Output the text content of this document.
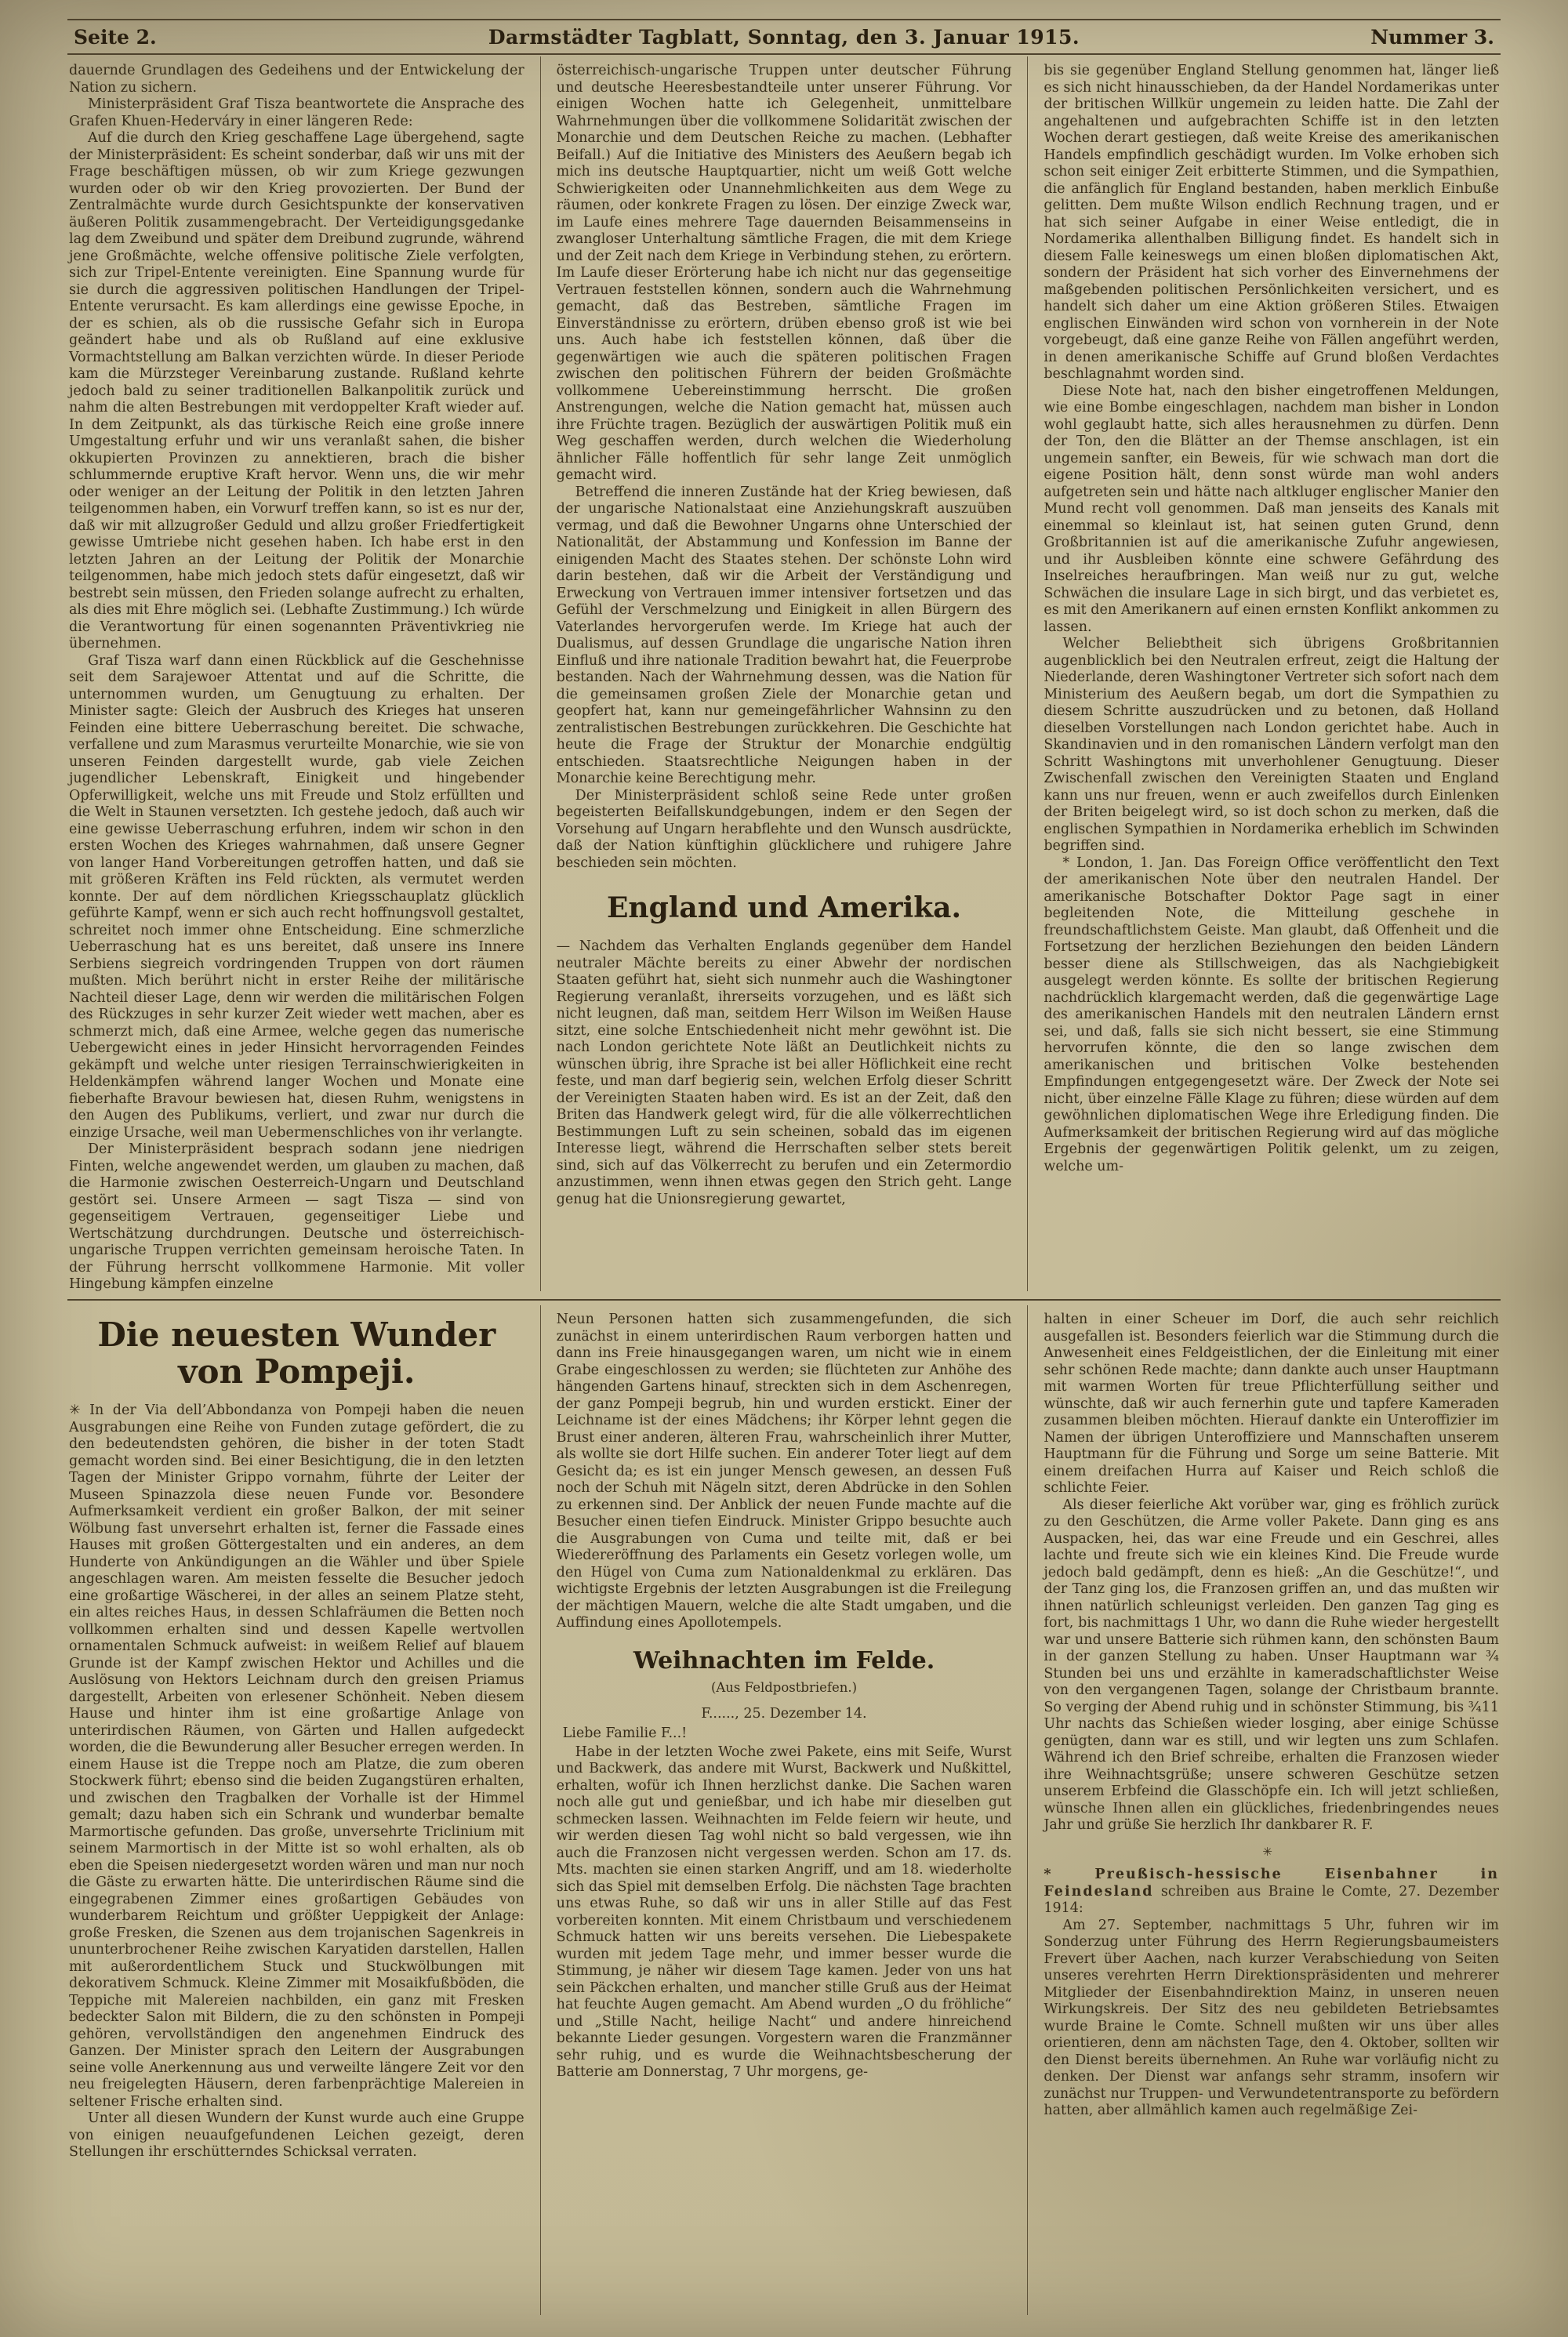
Seite 2.	Darmstädter Tagblatt, Sonntag, den 3. Januar 1915.	Nummer 3.

dauernde Grundlagen des Gedeihens und der Entwickelung der Nation zu sichern.

Ministerpräsident Graf Tisza beantwortete die Ansprache des Grafen Khuen-Hederváry in einer längeren Rede:

Auf die durch den Krieg geschaffene Lage übergehend, sagte der Ministerpräsident: Es scheint sonderbar, daß wir uns mit der Frage beschäftigen müssen, ob wir zum Kriege gezwungen wurden oder ob wir den Krieg provozierten. Der Bund der Zentralmächte wurde durch Gesichtspunkte der konservativen äußeren Politik zusammengebracht. Der Verteidigungsgedanke lag dem Zweibund und später dem Dreibund zugrunde, während jene Großmächte, welche offensive politische Ziele verfolgten, sich zur Tripel-Entente vereinigten. Eine Spannung wurde für sie durch die aggressiven politischen Handlungen der Tripel-Entente verursacht. Es kam allerdings eine gewisse Epoche, in der es schien, als ob die russische Gefahr sich in Europa geändert habe und als ob Rußland auf eine exklusive Vormachtstellung am Balkan verzichten würde. In dieser Periode kam die Mürzsteger Vereinbarung zustande. Rußland kehrte jedoch bald zu seiner traditionellen Balkanpolitik zurück und nahm die alten Bestrebungen mit verdoppelter Kraft wieder auf. In dem Zeitpunkt, als das türkische Reich eine große innere Umgestaltung erfuhr und wir uns veranlaßt sahen, die bisher okkupierten Provinzen zu annektieren, brach die bisher schlummernde eruptive Kraft hervor. Wenn uns, die wir mehr oder weniger an der Leitung der Politik in den letzten Jahren teilgenommen haben, ein Vorwurf treffen kann, so ist es nur der, daß wir mit allzugroßer Geduld und allzu großer Friedfertigkeit gewisse Umtriebe nicht gesehen haben. Ich habe erst in den letzten Jahren an der Leitung der Politik der Monarchie teilgenommen, habe mich jedoch stets dafür eingesetzt, daß wir bestrebt sein müssen, den Frieden solange aufrecht zu erhalten, als dies mit Ehre möglich sei. (Lebhafte Zustimmung.) Ich würde die Verantwortung für einen sogenannten Präventivkrieg nie übernehmen.

Graf Tisza warf dann einen Rückblick auf die Geschehnisse seit dem Sarajewoer Attentat und auf die Schritte, die unternommen wurden, um Genugtuung zu erhalten. Der Minister sagte: Gleich der Ausbruch des Krieges hat unseren Feinden eine bittere Ueberraschung bereitet. Die schwache, verfallene und zum Marasmus verurteilte Monarchie, wie sie von unseren Feinden dargestellt wurde, gab viele Zeichen jugendlicher Lebenskraft, Einigkeit und hingebender Opferwilligkeit, welche uns mit Freude und Stolz erfüllten und die Welt in Staunen versetzten. Ich gestehe jedoch, daß auch wir eine gewisse Ueberraschung erfuhren, indem wir schon in den ersten Wochen des Krieges wahrnahmen, daß unsere Gegner von langer Hand Vorbereitungen getroffen hatten, und daß sie mit größeren Kräften ins Feld rückten, als vermutet werden konnte. Der auf dem nördlichen Kriegsschauplatz glücklich geführte Kampf, wenn er sich auch recht hoffnungsvoll gestaltet, schreitet noch immer ohne Entscheidung. Eine schmerzliche Ueberraschung hat es uns bereitet, daß unsere ins Innere Serbiens siegreich vordringenden Truppen von dort räumen mußten. Mich berührt nicht in erster Reihe der militärische Nachteil dieser Lage, denn wir werden die militärischen Folgen des Rückzuges in sehr kurzer Zeit wieder wett machen, aber es schmerzt mich, daß eine Armee, welche gegen das numerische Uebergewicht eines in jeder Hinsicht hervorragenden Feindes gekämpft und welche unter riesigen Terrainschwierigkeiten in Heldenkämpfen während langer Wochen und Monate eine fieberhafte Bravour bewiesen hat, diesen Ruhm, wenigstens in den Augen des Publikums, verliert, und zwar nur durch die einzige Ursache, weil man Uebermenschliches von ihr verlangte.

Der Ministerpräsident besprach sodann jene niedrigen Finten, welche angewendet werden, um glauben zu machen, daß die Harmonie zwischen Oesterreich-Ungarn und Deutschland gestört sei. Unsere Armeen — sagt Tisza — sind von gegenseitigem Vertrauen, gegenseitiger Liebe und Wertschätzung durchdrungen. Deutsche und österreichisch-ungarische Truppen verrichten gemeinsam heroische Taten. In der Führung herrscht vollkommene Harmonie. Mit voller Hingebung kämpfen einzelne

österreichisch-ungarische Truppen unter deutscher Führung und deutsche Heeresbestandteile unter unserer Führung. Vor einigen Wochen hatte ich Gelegenheit, unmittelbare Wahrnehmungen über die vollkommene Solidarität zwischen der Monarchie und dem Deutschen Reiche zu machen. (Lebhafter Beifall.) Auf die Initiative des Ministers des Aeußern begab ich mich ins deutsche Hauptquartier, nicht um weiß Gott welche Schwierigkeiten oder Unannehmlichkeiten aus dem Wege zu räumen, oder konkrete Fragen zu lösen. Der einzige Zweck war, im Laufe eines mehrere Tage dauernden Beisammenseins in zwangloser Unterhaltung sämtliche Fragen, die mit dem Kriege und der Zeit nach dem Kriege in Verbindung stehen, zu erörtern. Im Laufe dieser Erörterung habe ich nicht nur das gegenseitige Vertrauen feststellen können, sondern auch die Wahrnehmung gemacht, daß das Bestreben, sämtliche Fragen im Einverständnisse zu erörtern, drüben ebenso groß ist wie bei uns. Auch habe ich feststellen können, daß über die gegenwärtigen wie auch die späteren politischen Fragen zwischen den politischen Führern der beiden Großmächte vollkommene Uebereinstimmung herrscht. Die großen Anstrengungen, welche die Nation gemacht hat, müssen auch ihre Früchte tragen. Bezüglich der auswärtigen Politik muß ein Weg geschaffen werden, durch welchen die Wiederholung ähnlicher Fälle hoffentlich für sehr lange Zeit unmöglich gemacht wird.

Betreffend die inneren Zustände hat der Krieg bewiesen, daß der ungarische Nationalstaat eine Anziehungskraft auszuüben vermag, und daß die Bewohner Ungarns ohne Unterschied der Nationalität, der Abstammung und Konfession im Banne der einigenden Macht des Staates stehen. Der schönste Lohn wird darin bestehen, daß wir die Arbeit der Verständigung und Erweckung von Vertrauen immer intensiver fortsetzen und das Gefühl der Verschmelzung und Einigkeit in allen Bürgern des Vaterlandes hervorgerufen werde. Im Kriege hat auch der Dualismus, auf dessen Grundlage die ungarische Nation ihren Einfluß und ihre nationale Tradition bewahrt hat, die Feuerprobe bestanden. Nach der Wahrnehmung dessen, was die Nation für die gemeinsamen großen Ziele der Monarchie getan und geopfert hat, kann nur gemeingefährlicher Wahnsinn zu den zentralistischen Bestrebungen zurückkehren. Die Geschichte hat heute die Frage der Struktur der Monarchie endgültig entschieden. Staatsrechtliche Neigungen haben in der Monarchie keine Berechtigung mehr.

Der Ministerpräsident schloß seine Rede unter großen begeisterten Beifallskundgebungen, indem er den Segen der Vorsehung auf Ungarn herabflehte und den Wunsch ausdrückte, daß der Nation künftighin glücklichere und ruhigere Jahre beschieden sein möchten.

England und Amerika.

— Nachdem das Verhalten Englands gegenüber dem Handel neutraler Mächte bereits zu einer Abwehr der nordischen Staaten geführt hat, sieht sich nunmehr auch die Washingtoner Regierung veranlaßt, ihrerseits vorzugehen, und es läßt sich nicht leugnen, daß man, seitdem Herr Wilson im Weißen Hause sitzt, eine solche Entschiedenheit nicht mehr gewöhnt ist. Die nach London gerichtete Note läßt an Deutlichkeit nichts zu wünschen übrig, ihre Sprache ist bei aller Höflichkeit eine recht feste, und man darf begierig sein, welchen Erfolg dieser Schritt der Vereinigten Staaten haben wird. Es ist an der Zeit, daß den Briten das Handwerk gelegt wird, für die alle völkerrechtlichen Bestimmungen Luft zu sein scheinen, sobald das im eigenen Interesse liegt, während die Herrschaften selber stets bereit sind, sich auf das Völkerrecht zu berufen und ein Zetermordio anzustimmen, wenn ihnen etwas gegen den Strich geht. Lange genug hat die Unionsregierung gewartet,

bis sie gegenüber England Stellung genommen hat, länger ließ es sich nicht hinausschieben, da der Handel Nordamerikas unter der britischen Willkür ungemein zu leiden hatte. Die Zahl der angehaltenen und aufgebrachten Schiffe ist in den letzten Wochen derart gestiegen, daß weite Kreise des amerikanischen Handels empfindlich geschädigt wurden. Im Volke erhoben sich schon seit einiger Zeit erbitterte Stimmen, und die Sympathien, die anfänglich für England bestanden, haben merklich Einbuße gelitten. Dem mußte Wilson endlich Rechnung tragen, und er hat sich seiner Aufgabe in einer Weise entledigt, die in Nordamerika allenthalben Billigung findet. Es handelt sich in diesem Falle keineswegs um einen bloßen diplomatischen Akt, sondern der Präsident hat sich vorher des Einvernehmens der maßgebenden politischen Persönlichkeiten versichert, und es handelt sich daher um eine Aktion größeren Stiles. Etwaigen englischen Einwänden wird schon von vornherein in der Note vorgebeugt, daß eine ganze Reihe von Fällen angeführt werden, in denen amerikanische Schiffe auf Grund bloßen Verdachtes beschlagnahmt worden sind.

Diese Note hat, nach den bisher eingetroffenen Meldungen, wie eine Bombe eingeschlagen, nachdem man bisher in London wohl geglaubt hatte, sich alles herausnehmen zu dürfen. Denn der Ton, den die Blätter an der Themse anschlagen, ist ein ungemein sanfter, ein Beweis, für wie schwach man dort die eigene Position hält, denn sonst würde man wohl anders aufgetreten sein und hätte nach altkluger englischer Manier den Mund recht voll genommen. Daß man jenseits des Kanals mit einemmal so kleinlaut ist, hat seinen guten Grund, denn Großbritannien ist auf die amerikanische Zufuhr angewiesen, und ihr Ausbleiben könnte eine schwere Gefährdung des Inselreiches heraufbringen. Man weiß nur zu gut, welche Schwächen die insulare Lage in sich birgt, und das verbietet es, es mit den Amerikanern auf einen ernsten Konflikt ankommen zu lassen.

Welcher Beliebtheit sich übrigens Großbritannien augenblicklich bei den Neutralen erfreut, zeigt die Haltung der Niederlande, deren Washingtoner Vertreter sich sofort nach dem Ministerium des Aeußern begab, um dort die Sympathien zu diesem Schritte auszudrücken und zu betonen, daß Holland dieselben Vorstellungen nach London gerichtet habe. Auch in Skandinavien und in den romanischen Ländern verfolgt man den Schritt Washingtons mit unverhohlener Genugtuung. Dieser Zwischenfall zwischen den Vereinigten Staaten und England kann uns nur freuen, wenn er auch zweifellos durch Einlenken der Briten beigelegt wird, so ist doch schon zu merken, daß die englischen Sympathien in Nordamerika erheblich im Schwinden begriffen sind.

* London, 1. Jan. Das Foreign Office veröffentlicht den Text der amerikanischen Note über den neutralen Handel. Der amerikanische Botschafter Doktor Page sagt in einer begleitenden Note, die Mitteilung geschehe in freundschaftlichstem Geiste. Man glaubt, daß Offenheit und die Fortsetzung der herzlichen Beziehungen den beiden Ländern besser diene als Stillschweigen, das als Nachgiebigkeit ausgelegt werden könnte. Es sollte der britischen Regierung nachdrücklich klargemacht werden, daß die gegenwärtige Lage des amerikanischen Handels mit den neutralen Ländern ernst sei, und daß, falls sie sich nicht bessert, sie eine Stimmung hervorrufen könnte, die den so lange zwischen dem amerikanischen und britischen Volke bestehenden Empfindungen entgegengesetzt wäre. Der Zweck der Note sei nicht, über einzelne Fälle Klage zu führen; diese würden auf dem gewöhnlichen diplomatischen Wege ihre Erledigung finden. Die Aufmerksamkeit der britischen Regierung wird auf das mögliche Ergebnis der gegenwärtigen Politik gelenkt, um zu zeigen, welche um-

Die neuesten Wunder von Pompeji.

✳ In der Via dell’Abbondanza von Pompeji haben die neuen Ausgrabungen eine Reihe von Funden zutage gefördert, die zu den bedeutendsten gehören, die bisher in der toten Stadt gemacht worden sind. Bei einer Besichtigung, die in den letzten Tagen der Minister Grippo vornahm, führte der Leiter der Museen Spinazzola diese neuen Funde vor. Besondere Aufmerksamkeit verdient ein großer Balkon, der mit seiner Wölbung fast unversehrt erhalten ist, ferner die Fassade eines Hauses mit großen Göttergestalten und ein anderes, an dem Hunderte von Ankündigungen an die Wähler und über Spiele angeschlagen waren. Am meisten fesselte die Besucher jedoch eine großartige Wäscherei, in der alles an seinem Platze steht, ein altes reiches Haus, in dessen Schlafräumen die Betten noch vollkommen erhalten sind und dessen Kapelle wertvollen ornamentalen Schmuck aufweist: in weißem Relief auf blauem Grunde ist der Kampf zwischen Hektor und Achilles und die Auslösung von Hektors Leichnam durch den greisen Priamus dargestellt, Arbeiten von erlesener Schönheit. Neben diesem Hause und hinter ihm ist eine großartige Anlage von unterirdischen Räumen, von Gärten und Hallen aufgedeckt worden, die die Bewunderung aller Besucher erregen werden. In einem Hause ist die Treppe noch am Platze, die zum oberen Stockwerk führt; ebenso sind die beiden Zugangstüren erhalten, und zwischen den Tragbalken der Vorhalle ist der Himmel gemalt; dazu haben sich ein Schrank und wunderbar bemalte Marmortische gefunden. Das große, unversehrte Triclinium mit seinem Marmortisch in der Mitte ist so wohl erhalten, als ob eben die Speisen niedergesetzt worden wären und man nur noch die Gäste zu erwarten hätte. Die unterirdischen Räume sind die eingegrabenen Zimmer eines großartigen Gebäudes von wunderbarem Reichtum und größter Ueppigkeit der Anlage: große Fresken, die Szenen aus dem trojanischen Sagenkreis in ununterbrochener Reihe zwischen Karyatiden darstellen, Hallen mit außerordentlichem Stuck und Stuckwölbungen mit dekorativem Schmuck. Kleine Zimmer mit Mosaikfußböden, die Teppiche mit Malereien nachbilden, ein ganz mit Fresken bedeckter Salon mit Bildern, die zu den schönsten in Pompeji gehören, vervollständigen den angenehmen Eindruck des Ganzen. Der Minister sprach den Leitern der Ausgrabungen seine volle Anerkennung aus und verweilte längere Zeit vor den neu freigelegten Häusern, deren farbenprächtige Malereien in seltener Frische erhalten sind.

Unter all diesen Wundern der Kunst wurde auch eine Gruppe von einigen neuaufgefundenen Leichen gezeigt, deren Stellungen ihr erschütterndes Schicksal verraten.

Neun Personen hatten sich zusammengefunden, die sich zunächst in einem unterirdischen Raum verborgen hatten und dann ins Freie hinausgegangen waren, um nicht wie in einem Grabe eingeschlossen zu werden; sie flüchteten zur Anhöhe des hängenden Gartens hinauf, streckten sich in dem Aschenregen, der ganz Pompeji begrub, hin und wurden erstickt. Einer der Leichname ist der eines Mädchens; ihr Körper lehnt gegen die Brust einer anderen, älteren Frau, wahrscheinlich ihrer Mutter, als wollte sie dort Hilfe suchen. Ein anderer Toter liegt auf dem Gesicht da; es ist ein junger Mensch gewesen, an dessen Fuß noch der Schuh mit Nägeln sitzt, deren Abdrücke in den Sohlen zu erkennen sind. Der Anblick der neuen Funde machte auf die Besucher einen tiefen Eindruck. Minister Grippo besuchte auch die Ausgrabungen von Cuma und teilte mit, daß er bei Wiedereröffnung des Parlaments ein Gesetz vorlegen wolle, um den Hügel von Cuma zum Nationaldenkmal zu erklären. Das wichtigste Ergebnis der letzten Ausgrabungen ist die Freilegung der mächtigen Mauern, welche die alte Stadt umgaben, und die Auffindung eines Apollotempels.

Weihnachten im Felde.

(Aus Feldpostbriefen.)

F......, 25. Dezember 14.

Liebe Familie F...!

Habe in der letzten Woche zwei Pakete, eins mit Seife, Wurst und Backwerk, das andere mit Wurst, Backwerk und Nußkittel, erhalten, wofür ich Ihnen herzlichst danke. Die Sachen waren noch alle gut und genießbar, und ich habe mir dieselben gut schmecken lassen. Weihnachten im Felde feiern wir heute, und wir werden diesen Tag wohl nicht so bald vergessen, wie ihn auch die Franzosen nicht vergessen werden. Schon am 17. ds. Mts. machten sie einen starken Angriff, und am 18. wiederholte sich das Spiel mit demselben Erfolg. Die nächsten Tage brachten uns etwas Ruhe, so daß wir uns in aller Stille auf das Fest vorbereiten konnten. Mit einem Christbaum und verschiedenem Schmuck hatten wir uns bereits versehen. Die Liebespakete wurden mit jedem Tage mehr, und immer besser wurde die Stimmung, je näher wir diesem Tage kamen. Jeder von uns hat sein Päckchen erhalten, und mancher stille Gruß aus der Heimat hat feuchte Augen gemacht. Am Abend wurden „O du fröhliche“ und „Stille Nacht, heilige Nacht“ und andere hinreichend bekannte Lieder gesungen. Vorgestern waren die Franzmänner sehr ruhig, und es wurde die Weihnachtsbescherung der Batterie am Donnerstag, 7 Uhr morgens, ge-

halten in einer Scheuer im Dorf, die auch sehr reichlich ausgefallen ist. Besonders feierlich war die Stimmung durch die Anwesenheit eines Feldgeistlichen, der die Einleitung mit einer sehr schönen Rede machte; dann dankte auch unser Hauptmann mit warmen Worten für treue Pflichterfüllung seither und wünschte, daß wir auch fernerhin gute und tapfere Kameraden zusammen bleiben möchten. Hierauf dankte ein Unteroffizier im Namen der übrigen Unteroffiziere und Mannschaften unserem Hauptmann für die Führung und Sorge um seine Batterie. Mit einem dreifachen Hurra auf Kaiser und Reich schloß die schlichte Feier.

Als dieser feierliche Akt vorüber war, ging es fröhlich zurück zu den Geschützen, die Arme voller Pakete. Dann ging es ans Auspacken, hei, das war eine Freude und ein Geschrei, alles lachte und freute sich wie ein kleines Kind. Die Freude wurde jedoch bald gedämpft, denn es hieß: „An die Geschütze!“, und der Tanz ging los, die Franzosen griffen an, und das mußten wir ihnen natürlich schleunigst verleiden. Den ganzen Tag ging es fort, bis nachmittags 1 Uhr, wo dann die Ruhe wieder hergestellt war und unsere Batterie sich rühmen kann, den schönsten Baum in der ganzen Stellung zu haben. Unser Hauptmann war ¾ Stunden bei uns und erzählte in kameradschaftlichster Weise von den vergangenen Tagen, solange der Christbaum brannte. So verging der Abend ruhig und in schönster Stimmung, bis ¾11 Uhr nachts das Schießen wieder losging, aber einige Schüsse genügten, dann war es still, und wir legten uns zum Schlafen. Während ich den Brief schreibe, erhalten die Franzosen wieder ihre Weihnachtsgrüße; unsere schweren Geschütze setzen unserem Erbfeind die Glasschöpfe ein. Ich will jetzt schließen, wünsche Ihnen allen ein glückliches, friedenbringendes neues Jahr und grüße Sie herzlich Ihr dankbarer R. F.

✳

* Preußisch-hessische Eisenbahner in Feindesland schreiben aus Braine le Comte, 27. Dezember 1914:

Am 27. September, nachmittags 5 Uhr, fuhren wir im Sonderzug unter Führung des Herrn Regierungsbaumeisters Frevert über Aachen, nach kurzer Verabschiedung von Seiten unseres verehrten Herrn Direktionspräsidenten und mehrerer Mitglieder der Eisenbahndirektion Mainz, in unseren neuen Wirkungskreis. Der Sitz des neu gebildeten Betriebsamtes wurde Braine le Comte. Schnell mußten wir uns über alles orientieren, denn am nächsten Tage, den 4. Oktober, sollten wir den Dienst bereits übernehmen. An Ruhe war vorläufig nicht zu denken. Der Dienst war anfangs sehr stramm, insofern wir zunächst nur Truppen- und Verwundetentransporte zu befördern hatten, aber allmählich kamen auch regelmäßige Zei-
